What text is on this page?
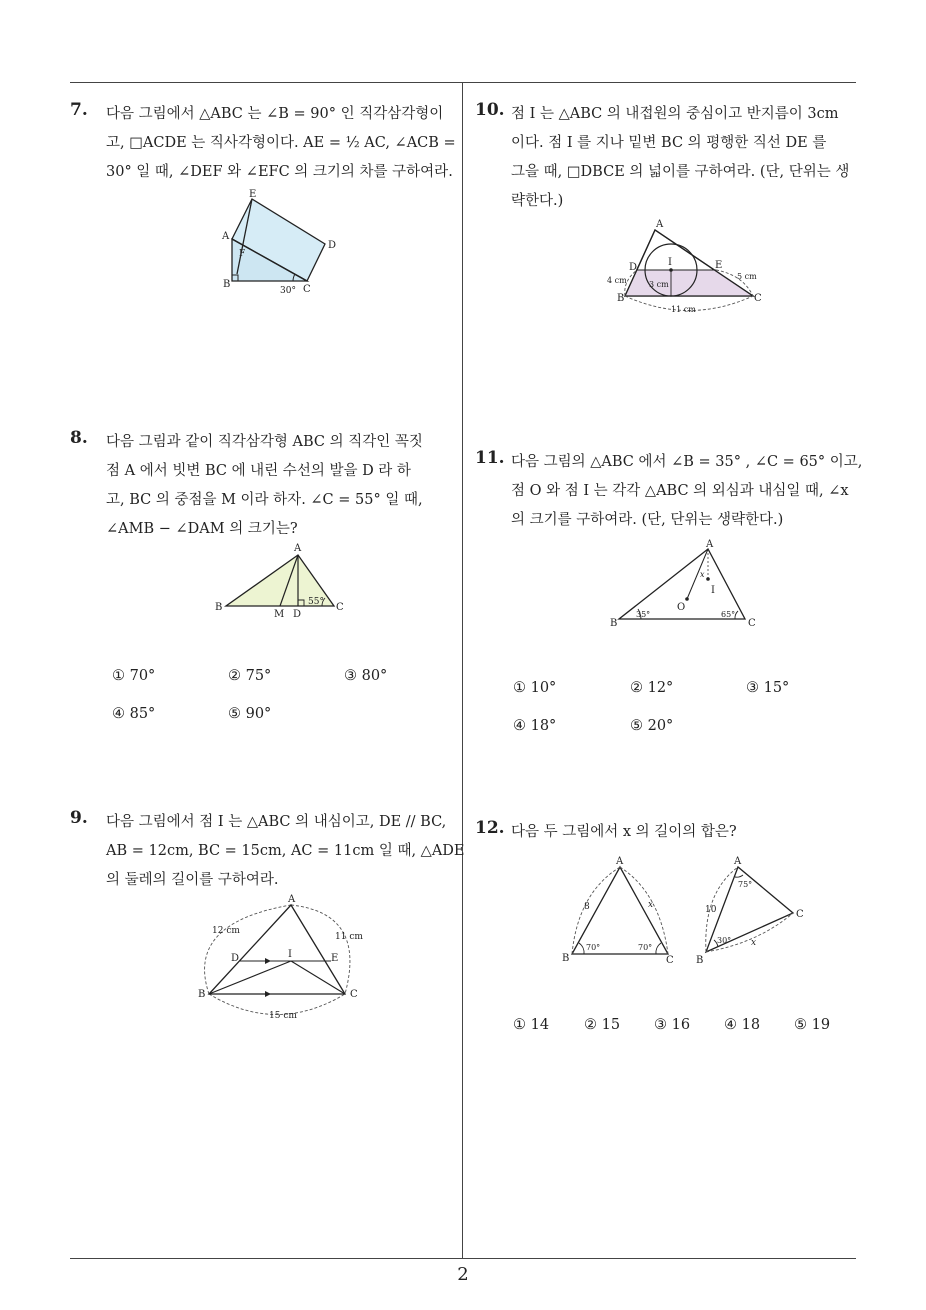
7. 다음 그림에서 △ABC 는 ∠B = 90° 인 직각삼각형이
고, □ACDE 는 직사각형이다. AE = ½ AC, ∠ACB =
30° 일 때, ∠DEF 와 ∠EFC 의 크기의 차를 구하여라.
E
A
F
D
B	C
30°
8. 다음 그림과 같이 직각삼각형 ABC 의 직각인 꼭짓
점 A 에서 빗변 BC 에 내린 수선의 발을 D 라 하
고, BC 의 중점을 M 이라 하자. ∠C = 55° 일 때,
∠AMB − ∠DAM 의 크기는?
A
B
M D
C
55°
① 70°	② 75°	③ 80°
④ 85°	⑤ 90°
9. 다음 그림에서 점 I 는 △ABC 의 내심이고, DE // BC,
AB = 12cm, BC = 15cm, AC = 11cm 일 때, △ADE
의 둘레의 길이를 구하여라.
A
12 cm
11 cm
D	I	E
B	C
15 cm
10. 점 I 는 △ABC 의 내접원의 중심이고 반지름이 3cm
이다. 점 I 를 지나 밑변 BC 의 평행한 직선 DE 를
그을 때, □DBCE 의 넓이를 구하여라. (단, 단위는 생
략한다.)
A
D	I	E
4 cm	3 cm
5 cm
B	C
11 cm
11. 다음 그림의 △ABC 에서 ∠B = 35° , ∠C = 65° 이고,
점 O 와 점 I 는 각각 △ABC 의 외심과 내심일 때, ∠x
의 크기를 구하여라. (단, 단위는 생략한다.)
A
x
I
O
B
35°	65°
C
① 10°	② 12°	③ 15°
④ 18°	⑤ 20°
12. 다음 두 그림에서 x 의 길이의 합은?
A
8	x
B
70°	70°
C
A
75°
10	C
30° x
B
① 14 ② 15 ③ 16 ④ 18 ⑤ 19
2
